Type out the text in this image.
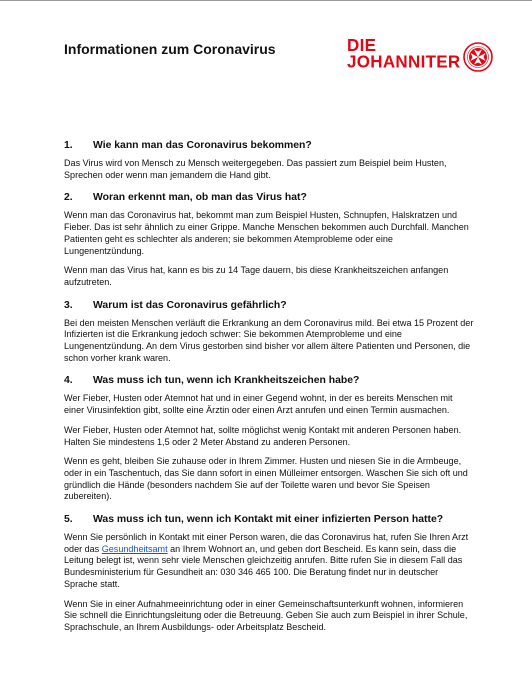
Informationen zum Coronavirus	DIE
JOHANNITER
1.	Wie kann man das Coronavirus bekommen?

Das Virus wird von Mensch zu Mensch weitergegeben. Das passiert zum Beispiel beim Husten, Sprechen oder wenn man jemandem die Hand gibt.

2.	Woran erkennt man, ob man das Virus hat?

Wenn man das Coronavirus hat, bekommt man zum Beispiel Husten, Schnupfen, Halskratzen und Fieber. Das ist sehr ähnlich zu einer Grippe. Manche Menschen bekommen auch Durchfall. Manchen Patienten geht es schlechter als anderen; sie bekommen Atemprobleme oder eine Lungenentzündung.

Wenn man das Virus hat, kann es bis zu 14 Tage dauern, bis diese Krankheitszeichen anfangen aufzutreten.

3.	Warum ist das Coronavirus gefährlich?

Bei den meisten Menschen verläuft die Erkrankung an dem Coronavirus mild. Bei etwa 15 Prozent der Infizierten ist die Erkrankung jedoch schwer: Sie bekommen Atemprobleme und eine Lungenentzündung. An dem Virus gestorben sind bisher vor allem ältere Patienten und Personen, die schon vorher krank waren.

4.	Was muss ich tun, wenn ich Krankheitszeichen habe?

Wer Fieber, Husten oder Atemnot hat und in einer Gegend wohnt, in der es bereits Menschen mit einer Virusinfektion gibt, sollte eine Ärztin oder einen Arzt anrufen und einen Termin ausmachen.

Wer Fieber, Husten oder Atemnot hat, sollte möglichst wenig Kontakt mit anderen Personen haben. Halten Sie mindestens 1,5 oder 2 Meter Abstand zu anderen Personen.

Wenn es geht, bleiben Sie zuhause oder in Ihrem Zimmer. Husten und niesen Sie in die Armbeuge, oder in ein Taschentuch, das Sie dann sofort in einen Mülleimer entsorgen. Waschen Sie sich oft und gründlich die Hände (besonders nachdem Sie auf der Toilette waren und bevor Sie Speisen zubereiten).

5.	Was muss ich tun, wenn ich Kontakt mit einer infizierten Person hatte?

Wenn Sie persönlich in Kontakt mit einer Person waren, die das Coronavirus hat, rufen Sie Ihren Arzt oder das Gesundheitsamt an Ihrem Wohnort an, und geben dort Bescheid. Es kann sein, dass die Leitung belegt ist, wenn sehr viele Menschen gleichzeitig anrufen. Bitte rufen Sie in diesem Fall das Bundesministerium für Gesundheit an: 030 346 465 100. Die Beratung findet nur in deutscher Sprache statt.

Wenn Sie in einer Aufnahmeeinrichtung oder in einer Gemeinschaftsunterkunft wohnen, informieren Sie schnell die Einrichtungsleitung oder die Betreuung. Geben Sie auch zum Beispiel in ihrer Schule, Sprachschule, an Ihrem Ausbildungs- oder Arbeitsplatz Bescheid.
